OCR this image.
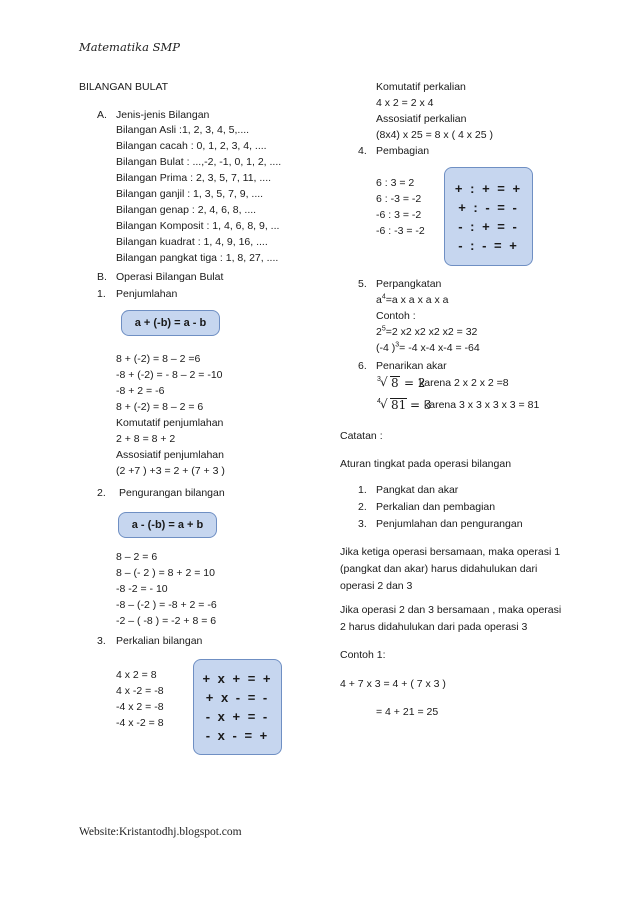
Matematika SMP
BILANGAN BULAT
A. Jenis-jenis Bilangan
Bilangan Asli :1, 2, 3, 4, 5,....
Bilangan cacah : 0, 1, 2, 3, 4, ....
Bilangan Bulat : ...,-2, -1, 0, 1, 2, ....
Bilangan Prima : 2, 3, 5, 7, 11, ....
Bilangan ganjil : 1, 3, 5, 7, 9, ....
Bilangan genap : 2, 4, 6, 8, ....
Bilangan Komposit : 1, 4, 6, 8, 9, ...
Bilangan kuadrat : 1, 4, 9, 16, ....
Bilangan pangkat tiga : 1, 8, 27, ....
B. Operasi Bilangan Bulat
1. Penjumlahan
a + (-b) = a - b
8 + (-2) = 8 – 2 =6
-8 + (-2) = - 8 – 2 = -10
-8 + 2 = -6
8 + (-2) = 8 – 2 = 6
Komutatif penjumlahan
2 + 8 = 8 + 2
Assosiatif penjumlahan
(2 +7 ) +3 = 2 + (7 + 3 )
2. Pengurangan bilangan
a - (-b) = a + b
8 – 2 = 6
8 – (- 2 ) = 8 + 2 = 10
-8 -2 = - 10
-8 – (-2 ) = -8 + 2 = -6
-2 – ( -8 ) = -2 + 8 = 6
3. Perkalian bilangan
4 x 2 = 8
4 x -2 = -8
-4 x 2 = -8
-4 x -2 = 8
+ x + = +
+ x - = -
- x + = -
- x - = +
Website:Kristantodhj.blogspot.com
Komutatif perkalian
4 x 2 = 2 x 4
Assosiatif perkalian
(8x4) x 25 = 8 x ( 4 x 25 )
4. Pembagian
6 : 3 = 2
6 : -3 = -2
-6 : 3 = -2
-6 : -3 = -2
+ : + = +
+ : - = -
- : + = -
- : - = +
5. Perpangkatan
$a^4=a$ x a x a x a
Contoh :
$2^5=2$ x2 x2 x2 x2 = 32
(-4 )$^3$= -4 x-4 x-4 = -64
6. Penarikan akar
3 √ 8 = 2
karena 2 x 2 x 2 =8
4 √ 81 = 3
karena 3 x 3 x 3 x 3 = 81
Catatan :
Aturan tingkat pada operasi bilangan
1. Pangkat dan akar
2. Perkalian dan pembagian
3. Penjumlahan dan pengurangan
Jika ketiga operasi bersamaan, maka operasi 1
(pangkat dan akar) harus didahulukan dari
operasi 2 dan 3
Jika operasi 2 dan 3 bersamaan , maka operasi
2 harus didahulukan dari pada operasi 3
Contoh 1:
4 + 7 x 3 = 4 + ( 7 x 3 )
= 4 + 21 = 25
